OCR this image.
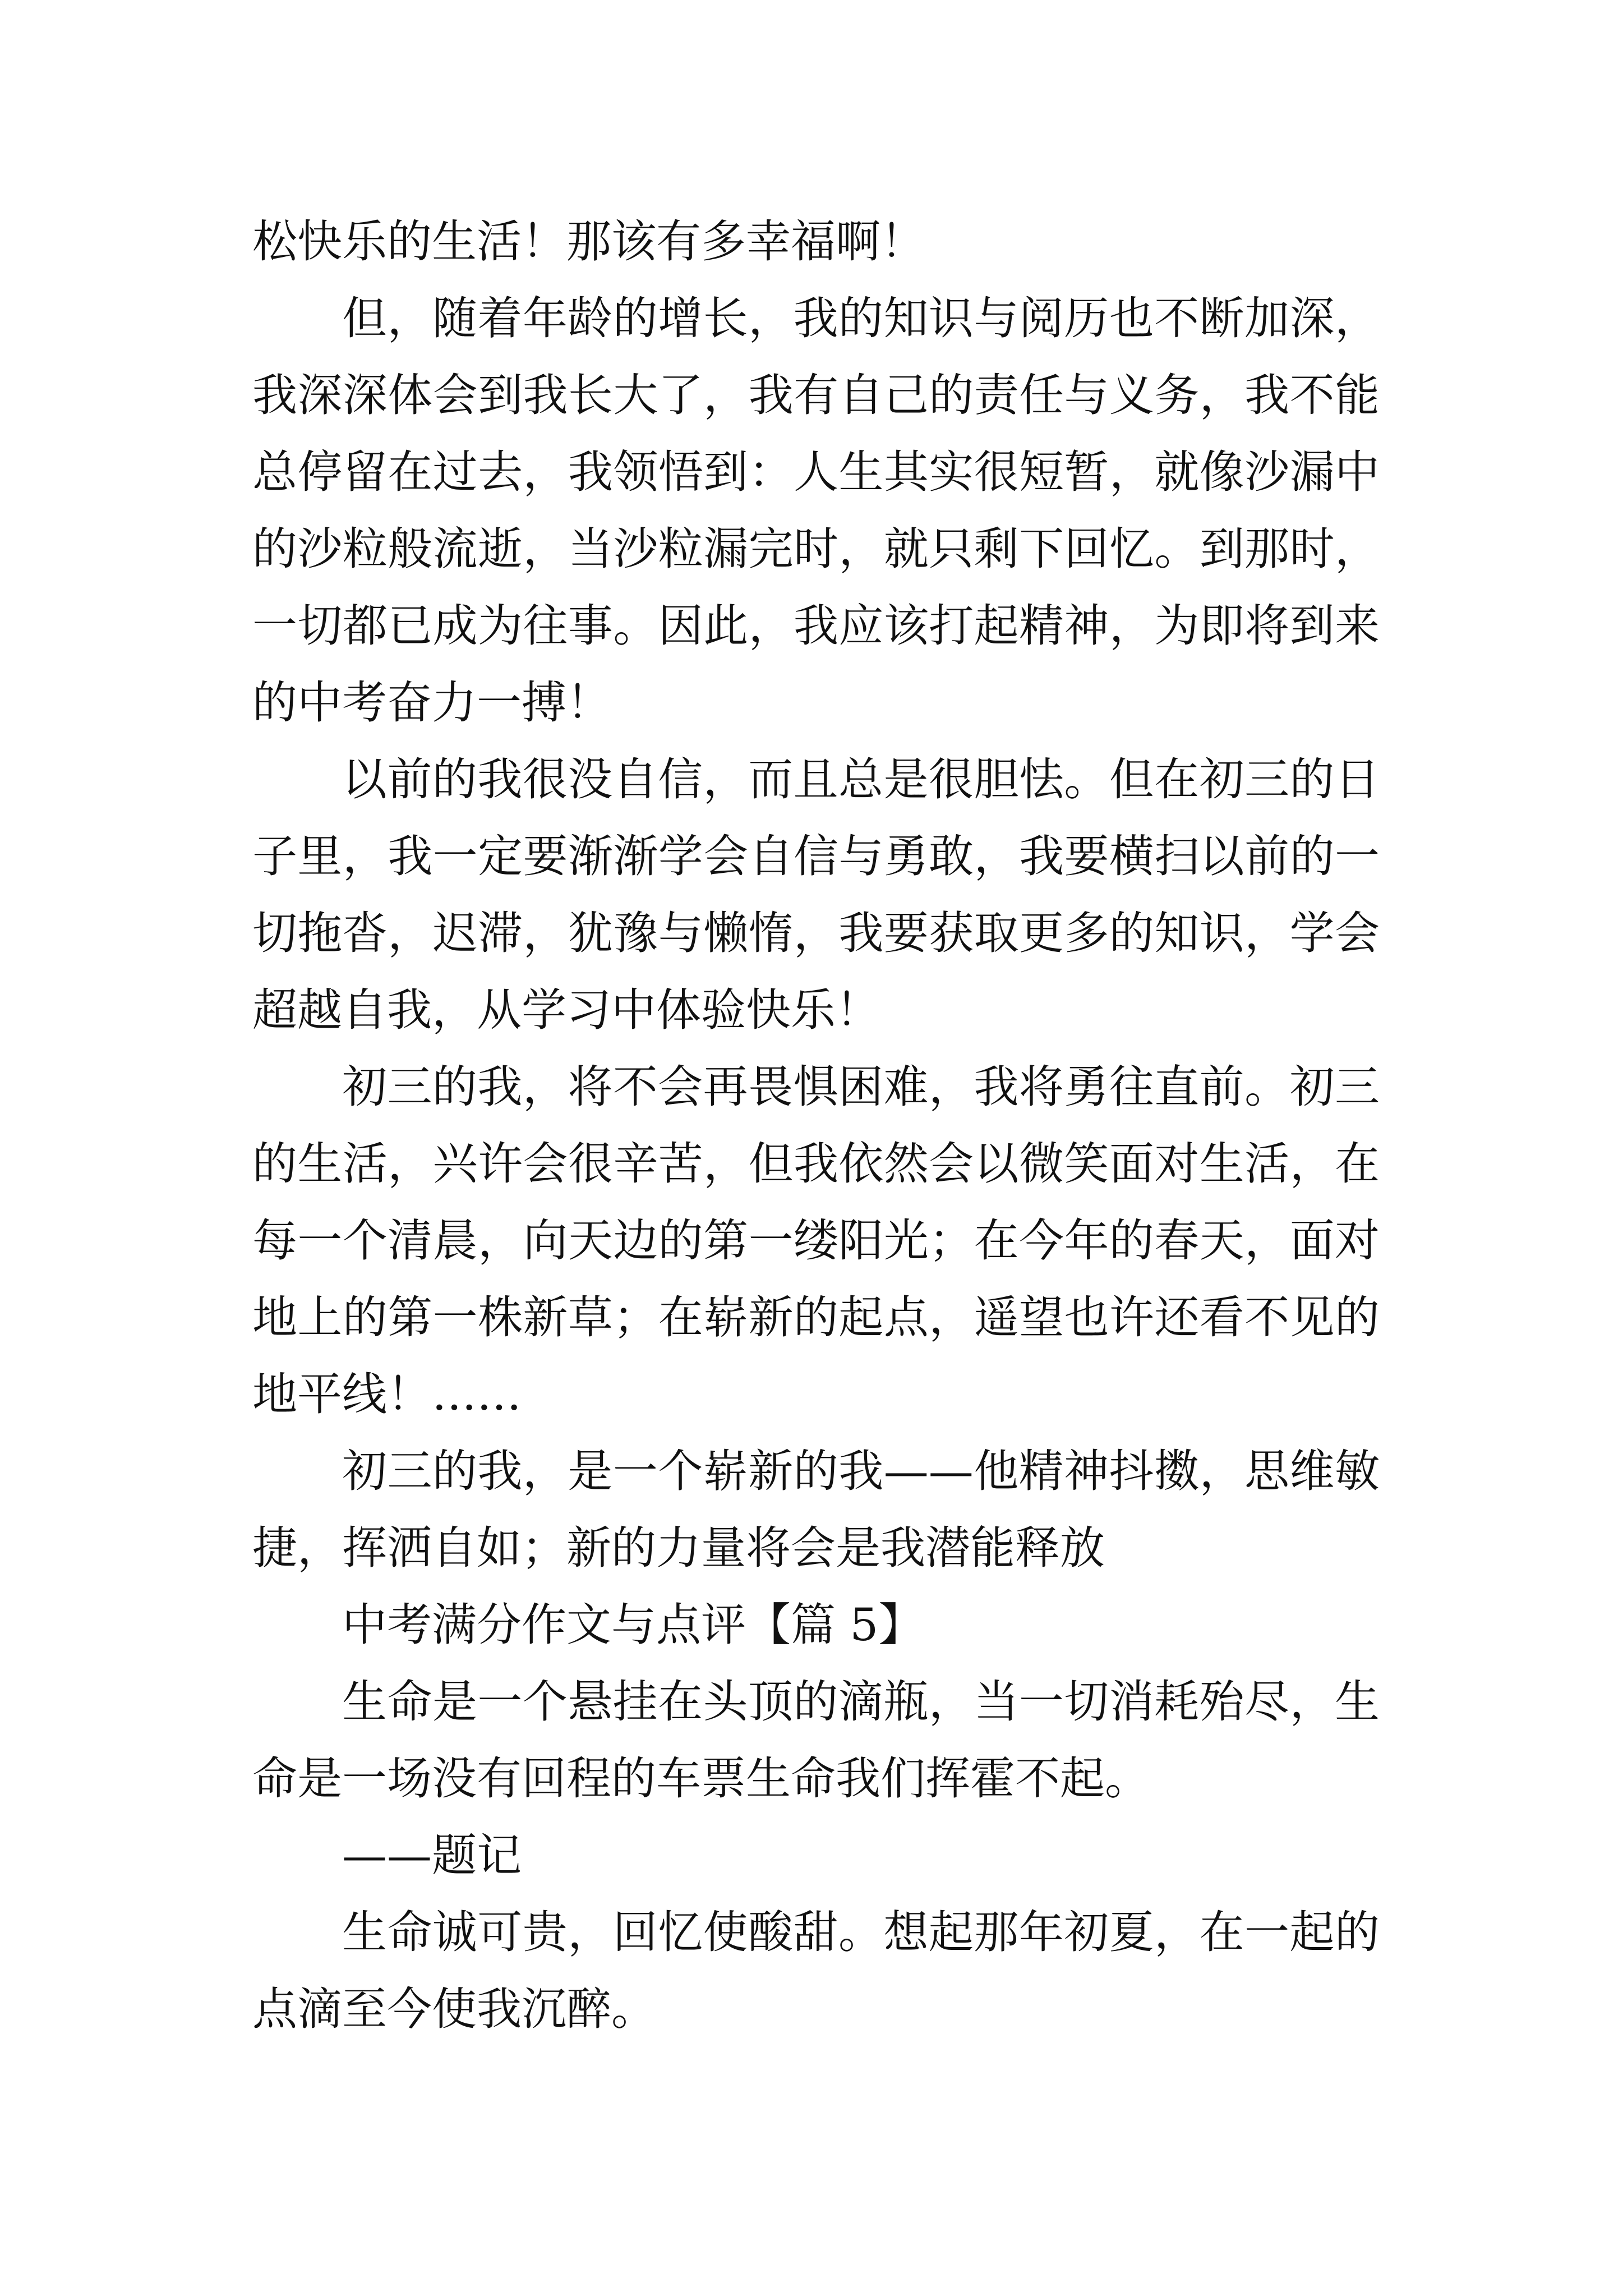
松快乐的生活！那该有多幸福啊！

但，随着年龄的增长，我的知识与阅历也不断加深，我深深体会到我长大了，我有自己的责任与义务，我不能总停留在过去，我领悟到：人生其实很短暂，就像沙漏中的沙粒般流逝，当沙粒漏完时，就只剩下回忆。到那时，一切都已成为往事。因此，我应该打起精神，为即将到来的中考奋力一搏！

以前的我很没自信，而且总是很胆怯。但在初三的日子里，我一定要渐渐学会自信与勇敢，我要横扫以前的一切拖沓，迟滞，犹豫与懒惰，我要获取更多的知识，学会超越自我，从学习中体验快乐！

初三的我，将不会再畏惧困难，我将勇往直前。初三的生活，兴许会很辛苦，但我依然会以微笑面对生活，在每一个清晨，向天边的第一缕阳光；在今年的春天，面对地上的第一株新草；在崭新的起点，遥望也许还看不见的地平线！……

初三的我，是一个崭新的我——他精神抖擞，思维敏捷，挥洒自如；新的力量将会是我潜能释放

中考满分作文与点评【篇 5】

生命是一个悬挂在头顶的滴瓶，当一切消耗殆尽，生命是一场没有回程的车票生命我们挥霍不起。

——题记

生命诚可贵，回忆使酸甜。想起那年初夏，在一起的点滴至今使我沉醉。
